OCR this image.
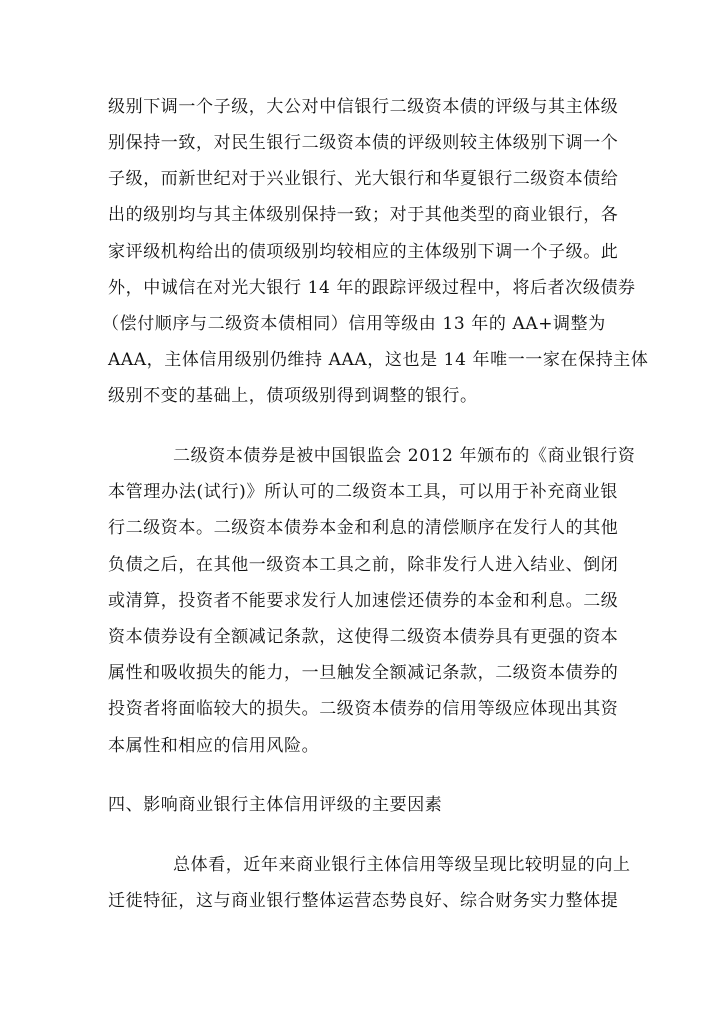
级别下调一个子级，大公对中信银行二级资本债的评级与其主体级
别保持一致，对民生银行二级资本债的评级则较主体级别下调一个
子级，而新世纪对于兴业银行、光大银行和华夏银行二级资本债给
出的级别均与其主体级别保持一致；对于其他类型的商业银行，各
家评级机构给出的债项级别均较相应的主体级别下调一个子级。此
外，中诚信在对光大银行 14 年的跟踪评级过程中，将后者次级债券
（偿付顺序与二级资本债相同）信用等级由 13 年的 AA+调整为
AAA，主体信用级别仍维持 AAA，这也是 14 年唯一一家在保持主体
级别不变的基础上，债项级别得到调整的银行。
二级资本债券是被中国银监会 2012 年颁布的《商业银行资
本管理办法(试行)》所认可的二级资本工具，可以用于补充商业银
行二级资本。二级资本债券本金和利息的清偿顺序在发行人的其他
负债之后，在其他一级资本工具之前，除非发行人进入结业、倒闭
或清算，投资者不能要求发行人加速偿还债券的本金和利息。二级
资本债券设有全额减记条款，这使得二级资本债券具有更强的资本
属性和吸收损失的能力，一旦触发全额减记条款，二级资本债券的
投资者将面临较大的损失。二级资本债券的信用等级应体现出其资
本属性和相应的信用风险。
四、影响商业银行主体信用评级的主要因素
总体看，近年来商业银行主体信用等级呈现比较明显的向上
迁徙特征，这与商业银行整体运营态势良好、综合财务实力整体提
